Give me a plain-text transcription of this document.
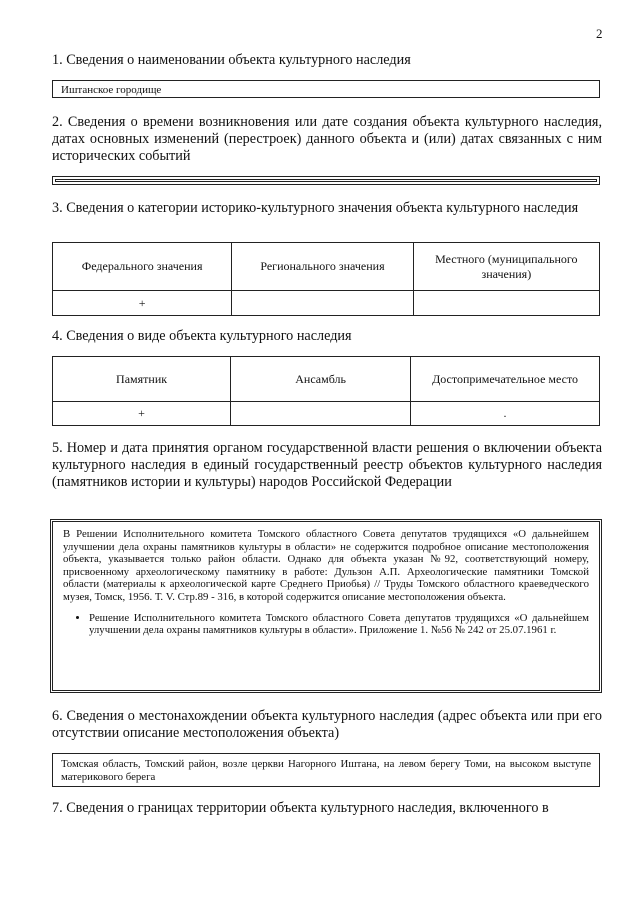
2
1. Сведения о наименовании объекта культурного наследия
Иштанское городище
2. Сведения о времени возникновения или дате создания объекта культурного наследия, датах основных изменений (перестроек) данного объекта и (или) датах связанных с ним исторических событий
3. Сведения о категории историко-культурного значения объекта культурного наследия
Федерального значения	Регионального значения	Местного (муниципального значения)
+		
4. Сведения о виде объекта культурного наследия
Памятник	Ансамбль	Достопримечательное место
+		.
5. Номер и дата принятия органом государственной власти решения о включении объекта культурного наследия в единый государственный реестр объектов культурного наследия (памятников истории и культуры) народов Российской Федерации
В Решении Исполнительного комитета Томского областного Совета депутатов трудящихся «О дальнейшем улучшении дела охраны памятников культуры в области» не содержится подробное описание местоположения объекта, указывается только район области. Однако для объекта указан №92, соответствующий номеру, присвоенному археологическому памятнику в работе: Дульзон А.П. Археологические памятники Томской области (материалы к археологической карте Среднего Приобья) // Труды Томского областного краеведческого музея, Томск, 1956. Т. V. Стр.89 - 316, в которой содержится описание местоположения объекта.
• Решение Исполнительного комитета Томского областного Совета депутатов трудящихся «О дальнейшем улучшении дела охраны памятников культуры в области». Приложение 1. №56 № 242 от 25.07.1961 г.
6. Сведения о местонахождении объекта культурного наследия (адрес объекта или при его отсутствии описание местоположения объекта)
Томская область, Томский район, возле церкви Нагорного Иштана, на левом берегу Томи, на высоком выступе материкового берега
7. Сведения о границах территории объекта культурного наследия, включенного в
